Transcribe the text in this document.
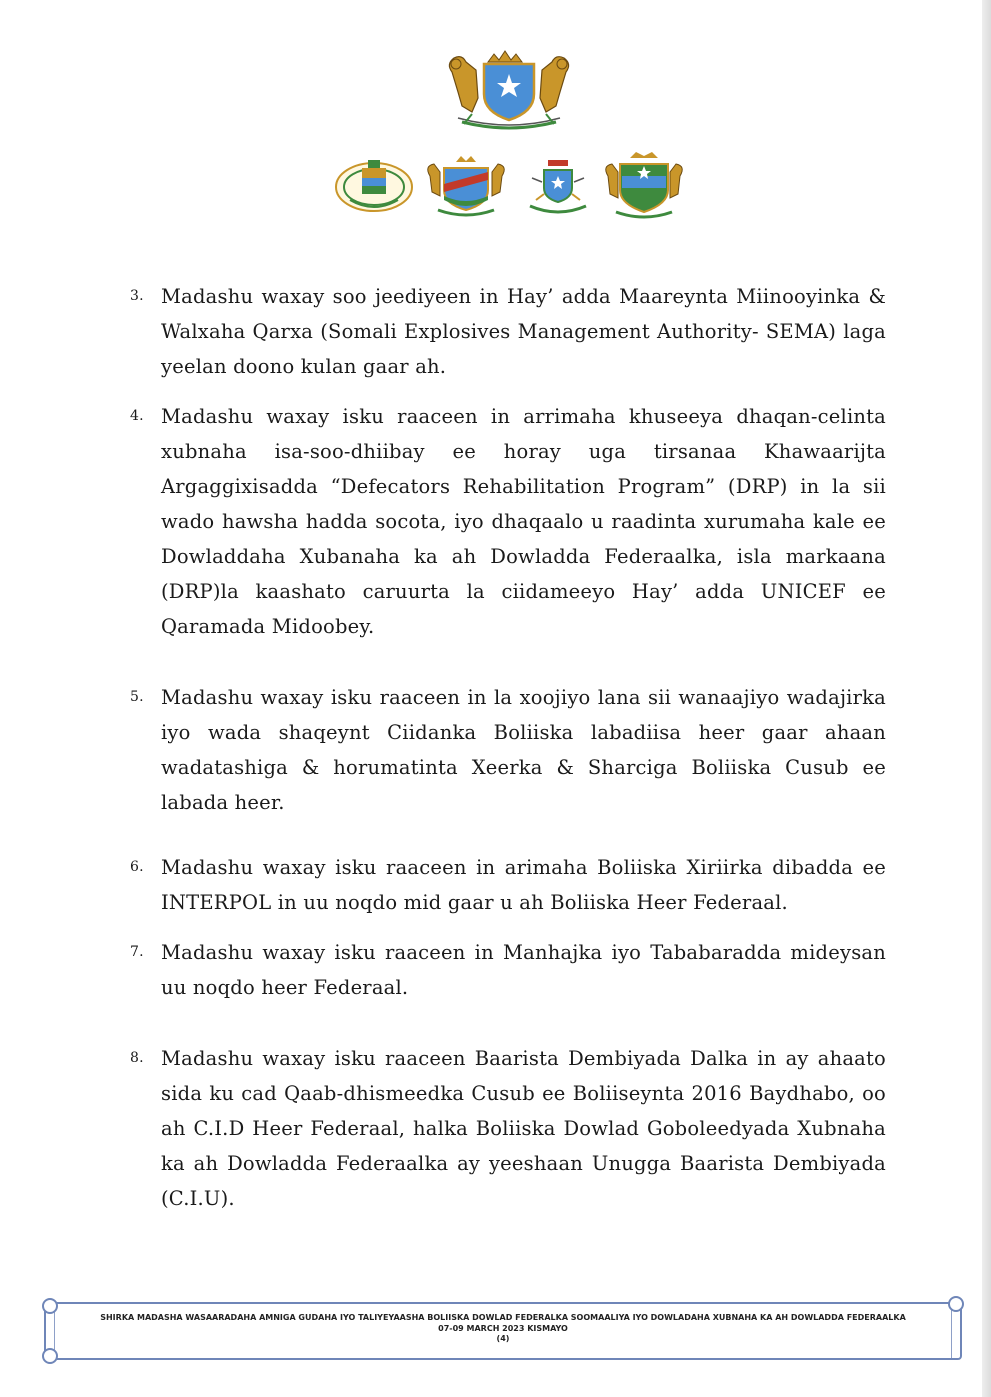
3. Madashu waxay soo jeediyeen in Hay’ adda Maareynta Miinooyinka & Walxaha Qarxa (Somali Explosives Management Authority- SEMA) laga yeelan doono kulan gaar ah.
4. Madashu waxay isku raaceen in arrimaha khuseeya dhaqan-celinta xubnaha isa-soo-dhiibay ee horay uga tirsanaa Khawaarijta Argaggixisadda “Defecators Rehabilitation Program” (DRP) in la sii wado hawsha hadda socota, iyo dhaqaalo u raadinta xurumaha kale ee Dowladdaha Xubanaha ka ah Dowladda Federaalka, isla markaana (DRP)la kaashato caruurta la ciidameeyo Hay’ adda UNICEF ee Qaramada Midoobey.
5. Madashu waxay isku raaceen in la xoojiyo lana sii wanaajiyo wadajirka iyo wada shaqeynt Ciidanka Boliiska labadiisa heer gaar ahaan wadatashiga & horumatinta Xeerka & Sharciga Boliiska Cusub ee labada heer.
6. Madashu waxay isku raaceen in arimaha Boliiska Xiriirka dibadda ee INTERPOL in uu noqdo mid gaar u ah Boliiska Heer Federaal.
7. Madashu waxay isku raaceen in Manhajka iyo Tababaradda mideysan uu noqdo heer Federaal.
8. Madashu waxay isku raaceen Baarista Dembiyada Dalka in ay ahaato sida ku cad Qaab-dhismeedka Cusub ee Boliiseynta 2016 Baydhabo, oo ah C.I.D Heer Federaal, halka Boliiska Dowlad Goboleedyada Xubnaha ka ah Dowladda Federaalka ay yeeshaan Unugga Baarista Dembiyada (C.I.U).
SHIRKA MADASHA WASAARADAHA AMNIGA GUDAHA IYO TALIYEYAASHA BOLIISKA DOWLAD FEDERALKA SOOMAALIYA IYO DOWLADAHA XUBNAHA KA AH DOWLADDA FEDERAALKA
07-09 MARCH 2023 KISMAYO
(4)
